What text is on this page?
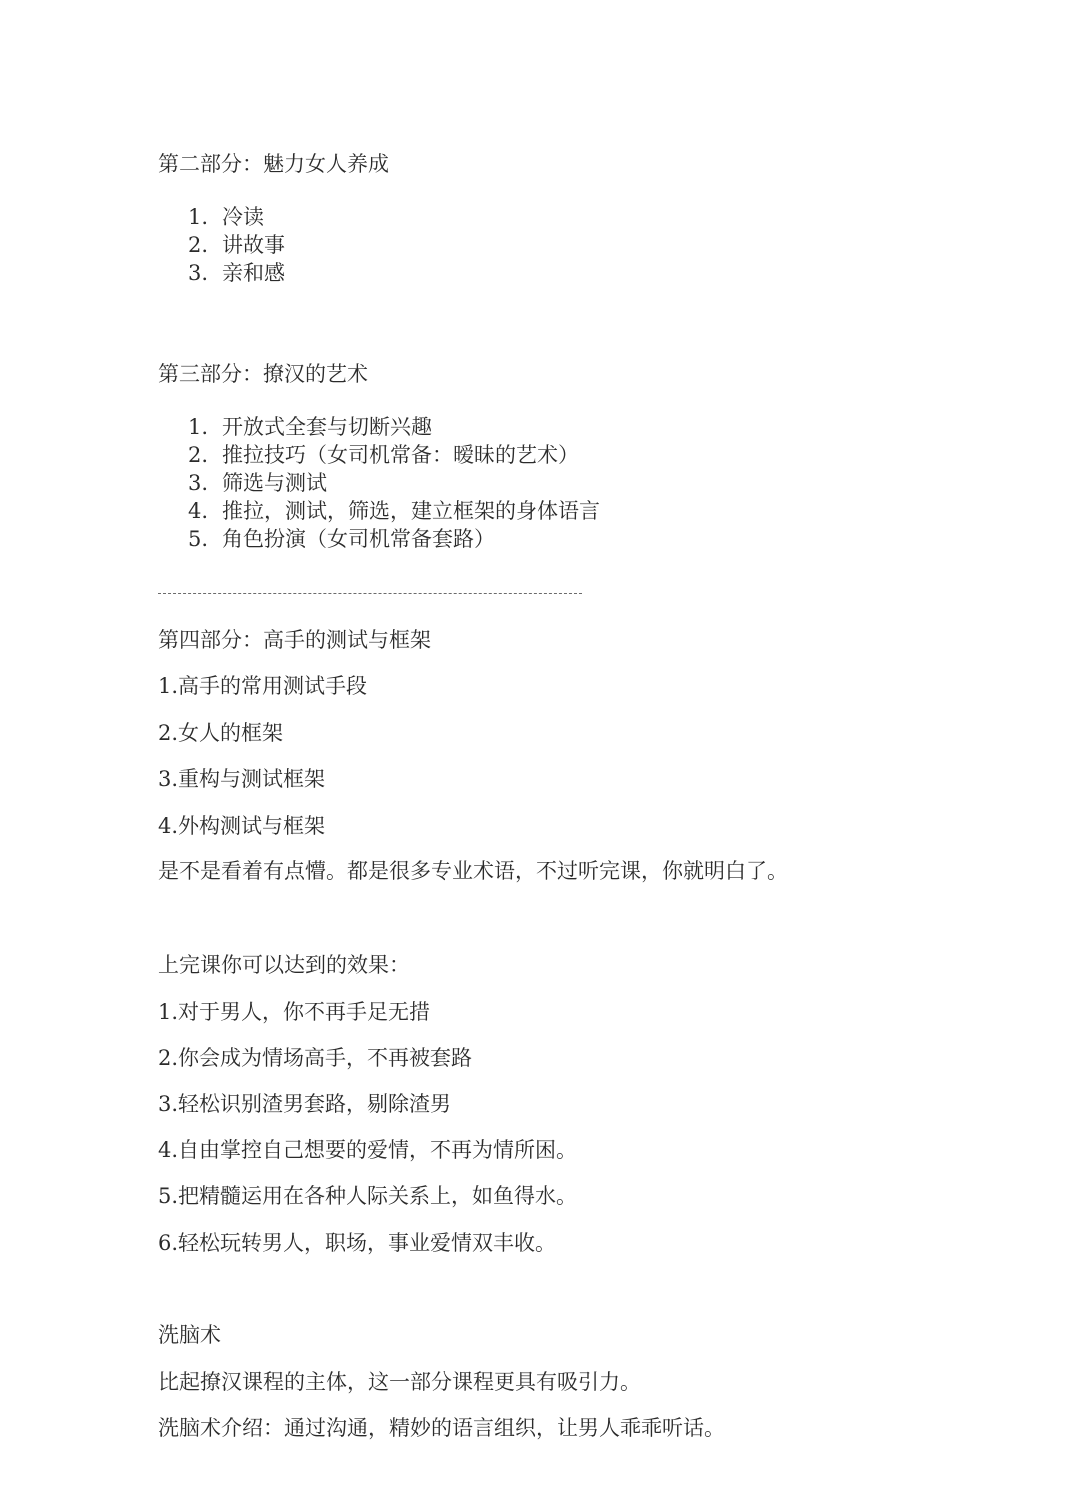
第二部分：魅力女人养成
1. 冷读
2. 讲故事
3. 亲和感
第三部分：撩汉的艺术
1. 开放式全套与切断兴趣
2. 推拉技巧（女司机常备：暧昧的艺术）
3. 筛选与测试
4. 推拉，测试，筛选，建立框架的身体语言
5. 角色扮演（女司机常备套路）
第四部分：高手的测试与框架
1.高手的常用测试手段
2.女人的框架
3.重构与测试框架
4.外构测试与框架
是不是看着有点懵。都是很多专业术语，不过听完课，你就明白了。
上完课你可以达到的效果：
1.对于男人，你不再手足无措
2.你会成为情场高手，不再被套路
3.轻松识别渣男套路，剔除渣男
4.自由掌控自己想要的爱情，不再为情所困。
5.把精髓运用在各种人际关系上，如鱼得水。
6.轻松玩转男人，职场，事业爱情双丰收。
洗脑术
比起撩汉课程的主体，这一部分课程更具有吸引力。
洗脑术介绍：通过沟通，精妙的语言组织，让男人乖乖听话。
